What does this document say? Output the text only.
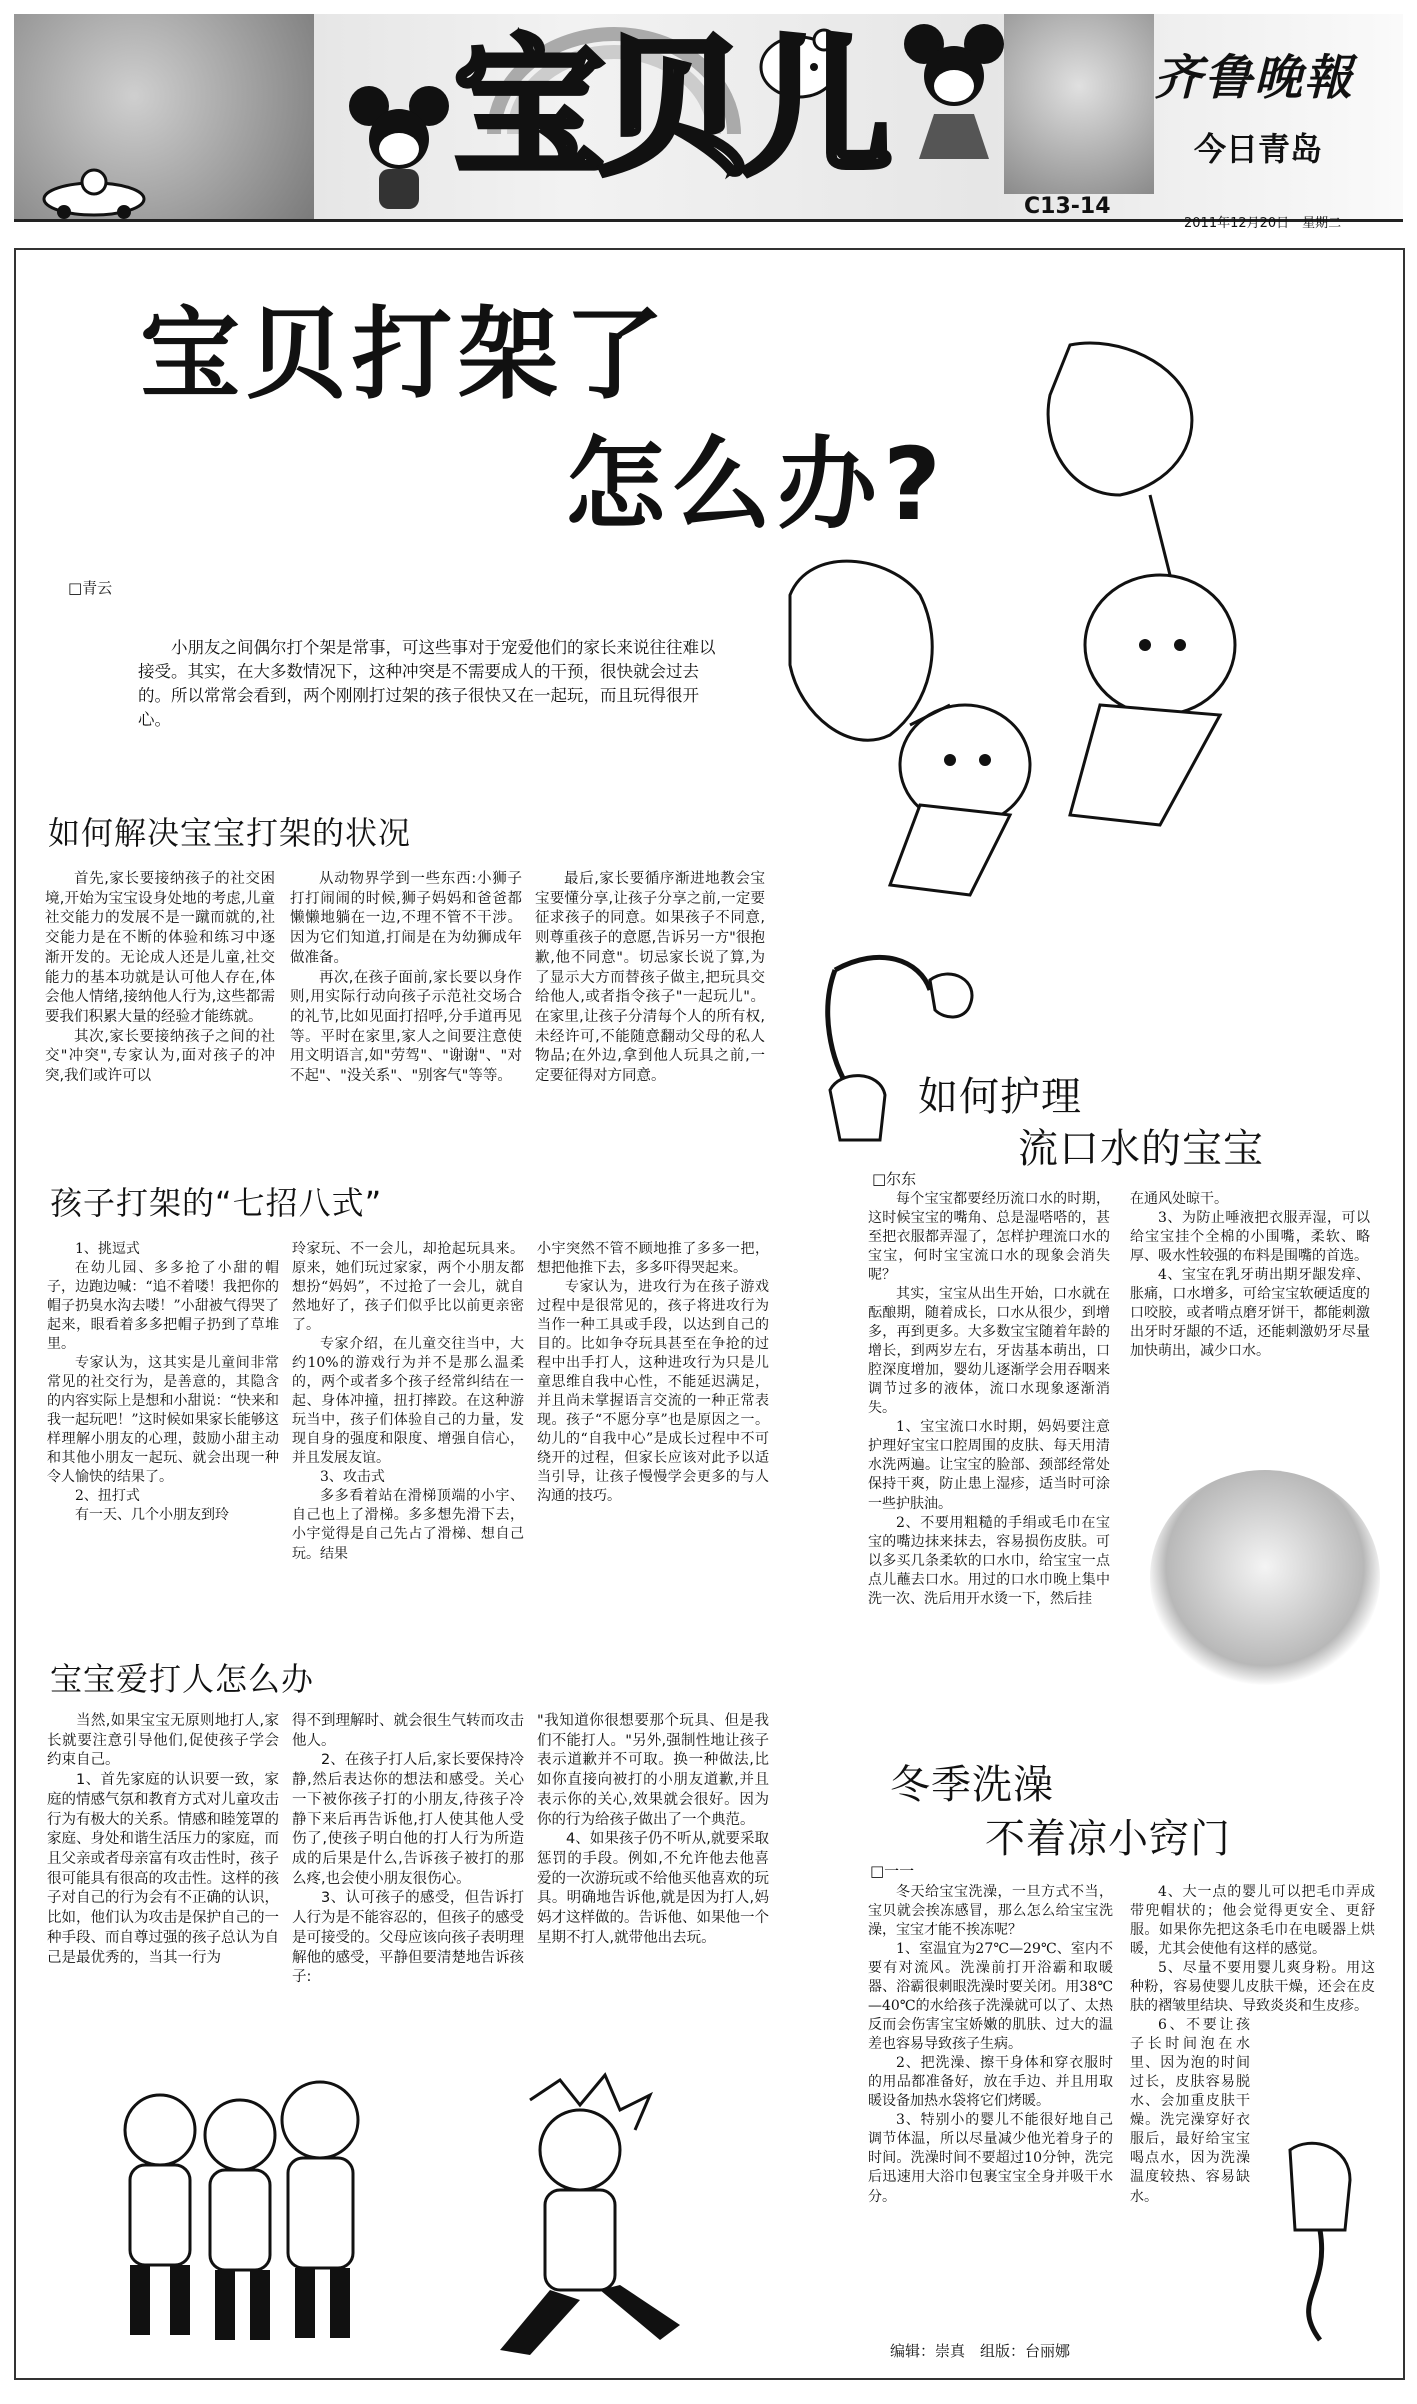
宝贝儿	齐鲁晚報
今日青岛
C13-14
2011年12月20日　星期二
宝贝打架了
怎么办?
□青云
小朋友之间偶尔打个架是常事，可这些事对于宠爱他们的家长来说往往难以接受。其实，在大多数情况下，这种冲突是不需要成人的干预，很快就会过去的。所以常常会看到，两个刚刚打过架的孩子很快又在一起玩，而且玩得很开心。
如何解决宝宝打架的状况

首先,家长要接纳孩子的社交困境,开始为宝宝设身处地的考虑,儿童社交能力的发展不是一蹴而就的,社交能力是在不断的体验和练习中逐渐开发的。无论成人还是儿童,社交能力的基本功就是认可他人存在,体会他人情绪,接纳他人行为,这些都需要我们积累大量的经验才能练就。

其次,家长要接纳孩子之间的社交"冲突",专家认为,面对孩子的冲突,我们或许可以

从动物界学到一些东西:小狮子打打闹闹的时候,狮子妈妈和爸爸都懒懒地躺在一边,不理不管不干涉。因为它们知道,打闹是在为幼狮成年做准备。

再次,在孩子面前,家长要以身作则,用实际行动向孩子示范社交场合的礼节,比如见面打招呼,分手道再见等。平时在家里,家人之间要注意使用文明语言,如"劳驾"、"谢谢"、"对不起"、"没关系"、"别客气"等等。

最后,家长要循序渐进地教会宝宝要懂分享,让孩子分享之前,一定要征求孩子的同意。如果孩子不同意,则尊重孩子的意愿,告诉另一方"很抱歉,他不同意"。切忌家长说了算,为了显示大方而替孩子做主,把玩具交给他人,或者指令孩子"一起玩儿"。在家里,让孩子分清每个人的所有权,未经许可,不能随意翻动父母的私人物品;在外边,拿到他人玩具之前,一定要征得对方同意。	如何护理
流口水的宝宝
□尔东

每个宝宝都要经历流口水的时期，这时候宝宝的嘴角、总是湿嗒嗒的，甚至把衣服都弄湿了，怎样护理流口水的宝宝，何时宝宝流口水的现象会消失呢？

其实，宝宝从出生开始，口水就在酝酿期，随着成长，口水从很少，到增多，再到更多。大多数宝宝随着年龄的增长，到两岁左右，牙齿基本萌出，口腔深度增加，婴幼儿逐渐学会用吞咽来调节过多的液体，流口水现象逐渐消失。

1、宝宝流口水时期，妈妈要注意护理好宝宝口腔周围的皮肤、每天用清水洗两遍。让宝宝的脸部、颈部经常处保持干爽，防止患上湿疹，适当时可涂一些护肤油。

2、不要用粗糙的手绢或毛巾在宝宝的嘴边抹来抹去，容易损伤皮肤。可以多买几条柔软的口水巾，给宝宝一点点儿蘸去口水。用过的口水巾晚上集中洗一次、洗后用开水烫一下，然后挂

在通风处晾干。

3、为防止唾液把衣服弄湿，可以给宝宝挂个全棉的小围嘴，柔软、略厚、吸水性较强的布料是围嘴的首选。

4、宝宝在乳牙萌出期牙龈发痒、胀痛，口水增多，可给宝宝软硬适度的口咬胶，或者啃点磨牙饼干，都能刺激出牙时牙龈的不适，还能刺激奶牙尽量加快萌出，减少口水。

孩子打架的“七招八式”

1、挑逗式

在幼儿园、多多抢了小甜的帽子，边跑边喊：“追不着喽！我把你的帽子扔臭水沟去喽！”小甜被气得哭了起来，眼看着多多把帽子扔到了草堆里。

专家认为，这其实是儿童间非常常见的社交行为，是善意的，其隐含的内容实际上是想和小甜说：“快来和我一起玩吧！”这时候如果家长能够这样理解小朋友的心理，鼓励小甜主动和其他小朋友一起玩、就会出现一种令人愉快的结果了。

2、扭打式

有一天、几个小朋友到玲

玲家玩、不一会儿，却抢起玩具来。原来，她们玩过家家，两个小朋友都想扮“妈妈”，不过抢了一会儿，就自然地好了，孩子们似乎比以前更亲密了。

专家介绍，在儿童交往当中，大约10%的游戏行为并不是那么温柔的，两个或者多个孩子经常纠结在一起、身体冲撞，扭打摔跤。在这种游玩当中，孩子们体验自己的力量，发现自身的强度和限度、增强自信心，并且发展友谊。

3、攻击式

多多看着站在滑梯顶端的小宇、自己也上了滑梯。多多想先滑下去，小宇觉得是自己先占了滑梯、想自己玩。结果

小宇突然不管不顾地推了多多一把，想把他推下去，多多吓得哭起来。

专家认为，进攻行为在孩子游戏过程中是很常见的，孩子将进攻行为当作一种工具或手段，以达到自己的目的。比如争夺玩具甚至在争抢的过程中出手打人，这种进攻行为只是儿童思维自我中心性，不能延迟满足，并且尚未掌握语言交流的一种正常表现。孩子“不愿分享”也是原因之一。幼儿的“自我中心”是成长过程中不可绕开的过程，但家长应该对此予以适当引导，让孩子慢慢学会更多的与人沟通的技巧。

宝宝爱打人怎么办

当然,如果宝宝无原则地打人,家长就要注意引导他们,促使孩子学会约束自己。

1、首先家庭的认识要一致，家庭的情感气氛和教育方式对儿童攻击行为有极大的关系。情感和睦笼罩的家庭、身处和谐生活压力的家庭，而且父亲或者母亲富有攻击性时，孩子很可能具有很高的攻击性。这样的孩子对自己的行为会有不正确的认识，比如，他们认为攻击是保护自己的一种手段、而自尊过强的孩子总认为自己是最优秀的，当其一行为

得不到理解时、就会很生气转而攻击他人。

2、在孩子打人后,家长要保持冷静,然后表达你的想法和感受。关心一下被你孩子打的小朋友,待孩子冷静下来后再告诉他,打人使其他人受伤了,使孩子明白他的打人行为所造成的后果是什么,告诉孩子被打的那么疼,也会使小朋友很伤心。

3、认可孩子的感受，但告诉打人行为是不能容忍的，但孩子的感受是可接受的。父母应该向孩子表明理解他的感受，平静但要清楚地告诉孩子:

"我知道你很想要那个玩具、但是我们不能打人。"另外,强制性地让孩子表示道歉并不可取。换一种做法,比如你直接向被打的小朋友道歉,并且表示你的关心,效果就会很好。因为你的行为给孩子做出了一个典范。

4、如果孩子仍不听从,就要采取惩罚的手段。例如,不允许他去他喜爱的一次游玩或不给他买他喜欢的玩具。明确地告诉他,就是因为打人,妈妈才这样做的。告诉他、如果他一个星期不打人,就带他出去玩。

冬季洗澡
不着凉小窍门
□一一

冬天给宝宝洗澡，一旦方式不当，宝贝就会挨冻感冒，那么怎么给宝宝洗澡，宝宝才能不挨冻呢？

1、室温宜为27℃—29℃、室内不要有对流风。洗澡前打开浴霸和取暖器、浴霸很刺眼洗澡时要关闭。用38℃—40℃的水给孩子洗澡就可以了、太热反而会伤害宝宝娇嫩的肌肤、过大的温差也容易导致孩子生病。

2、把洗澡、擦干身体和穿衣服时的用品都准备好，放在手边、并且用取暖设备加热水袋将它们烤暖。

3、特别小的婴儿不能很好地自己调节体温，所以尽量减少他光着身子的时间。洗澡时间不要超过10分钟，洗完后迅速用大浴巾包裹宝宝全身并吸干水分。

4、大一点的婴儿可以把毛巾弄成带兜帽状的；他会觉得更安全、更舒服。如果你先把这条毛巾在电暖器上烘暖，尤其会使他有这样的感觉。

5、尽量不要用婴儿爽身粉。用这种粉，容易使婴儿皮肤干燥，还会在皮肤的褶皱里结块、导致炎炎和生皮疹。

6、不要让孩子长时间泡在水里、因为泡的时间过长，皮肤容易脱水、会加重皮肤干燥。洗完澡穿好衣服后，最好给宝宝喝点水，因为洗澡温度较热、容易缺水。

编辑：崇真　组版：台丽娜
